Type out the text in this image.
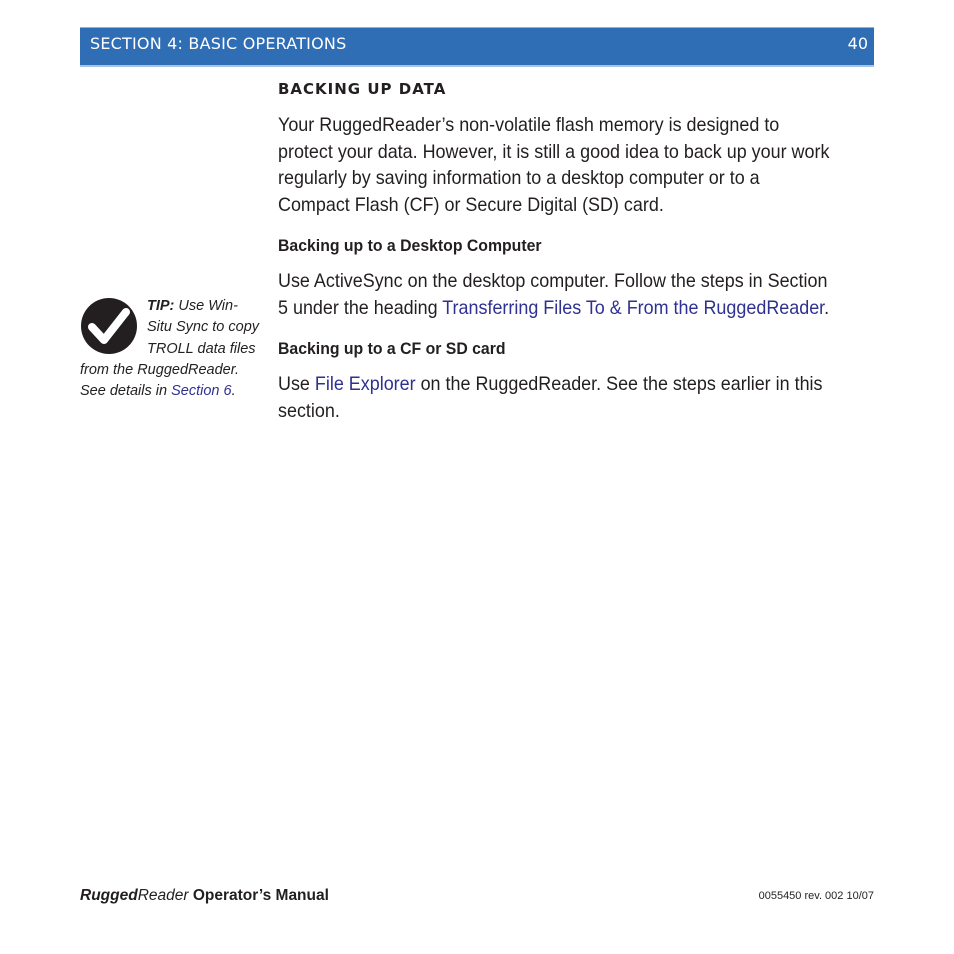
SECTION 4: BASIC OPERATIONS	40
BACKING UP DATA
Your RuggedReader’s non-volatile flash memory is designed to protect your data. However, it is still a good idea to back up your work regularly by saving information to a desktop computer or to a Compact Flash (CF) or Secure Digital (SD) card.
Backing up to a Desktop Computer
Use ActiveSync on the desktop computer. Follow the steps in Section 5 under the heading Transferring Files To & From the RuggedReader.
Backing up to a CF or SD card
Use File Explorer on the RuggedReader. See the steps earlier in this section.
TIP: Use Win-
Situ Sync to copy
TROLL data files
from the RuggedReader.
See details in Section 6.
RuggedReader Operator’s Manual	0055450 rev. 002 10/07
